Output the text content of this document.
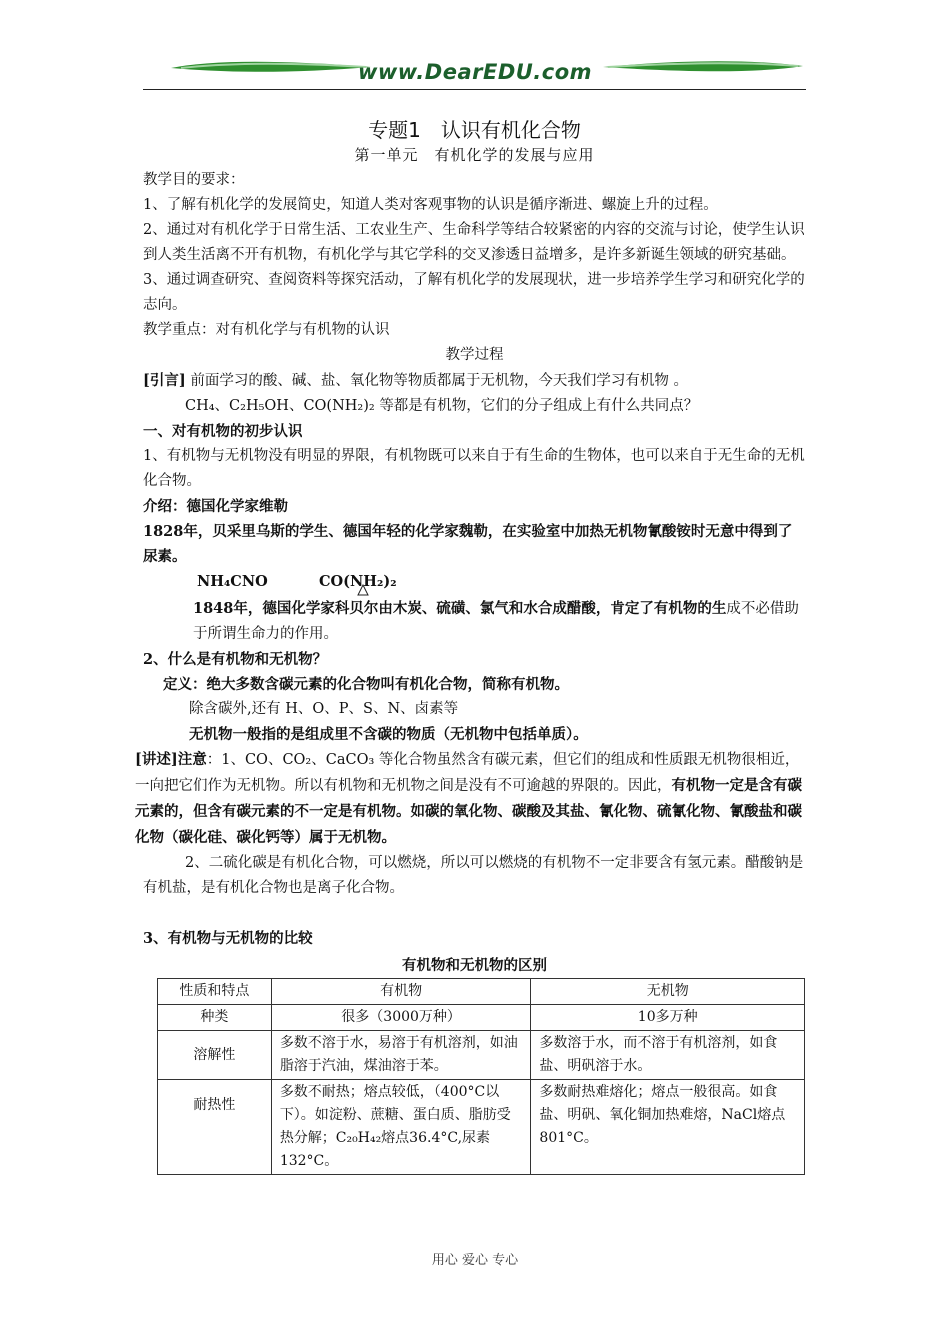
www.DearEDU.com
专题1　认识有机化合物
第一单元　有机化学的发展与应用

教学目的要求：

1、了解有机化学的发展简史，知道人类对客观事物的认识是循序渐进、螺旋上升的过程。

2、通过对有机化学于日常生活、工农业生产、生命科学等结合较紧密的内容的交流与讨论，使学生认识到人类生活离不开有机物，有机化学与其它学科的交叉渗透日益增多，是许多新诞生领域的研究基础。

3、通过调查研究、查阅资料等探究活动，了解有机化学的发展现状，进一步培养学生学习和研究化学的志向。

教学重点：对有机化学与有机物的认识

教学过程

[引言] 前面学习的酸、碱、盐、氧化物等物质都属于无机物，今天我们学习有机物 。

CH₄、C₂H₅OH、CO(NH₂)₂ 等都是有机物，它们的分子组成上有什么共同点？

一、对有机物的初步认识

1、有机物与无机物没有明显的界限，有机物既可以来自于有生命的生物体，也可以来自于无生命的无机化合物。

介绍：德国化学家维勒

1828年，贝采里乌斯的学生、德国年轻的化学家魏勒，在实验室中加热无机物氰酸铵时无意中得到了尿素。

NH₄CNO	CO(NH₂)₂

1848年，德国化学家科贝尔由木炭、硫磺、氯气和水合成醋酸，肯定了有机物的生成不必借助于所谓生命力的作用。

2、什么是有机物和无机物？

定义：绝大多数含碳元素的化合物叫有机化合物，简称有机物。

除含碳外,还有 H、O、P、S、N、卤素等

无机物一般指的是组成里不含碳的物质（无机物中包括单质）。

[讲述]注意：1、CO、CO₂、CaCO₃ 等化合物虽然含有碳元素，但它们的组成和性质跟无机物很相近，一向把它们作为无机物。所以有机物和无机物之间是没有不可逾越的界限的。因此，有机物一定是含有碳元素的，但含有碳元素的不一定是有机物。如碳的氧化物、碳酸及其盐、氰化物、硫氰化物、氰酸盐和碳化物（碳化硅、碳化钙等）属于无机物。

2、二硫化碳是有机化合物，可以燃烧，所以可以燃烧的有机物不一定非要含有氢元素。醋酸钠是有机盐，是有机化合物也是离子化合物。

3、有机物与无机物的比较

有机物和无机物的区别

性质和特点	有机物	无机物
种类	很多（3000万种）	10多万种
溶解性	多数不溶于水，易溶于有机溶剂，如油脂溶于汽油，煤油溶于苯。	多数溶于水，而不溶于有机溶剂，如食盐、明矾溶于水。
耐热性	多数不耐热；熔点较低，（400°C以下）。如淀粉、蔗糖、蛋白质、脂肪受热分解；C₂₀H₄₂熔点36.4°C,尿素132°C。	多数耐热难熔化；熔点一般很高。如食盐、明矾、氧化铜加热难熔，NaCl熔点801°C。
用心 爱心 专心
